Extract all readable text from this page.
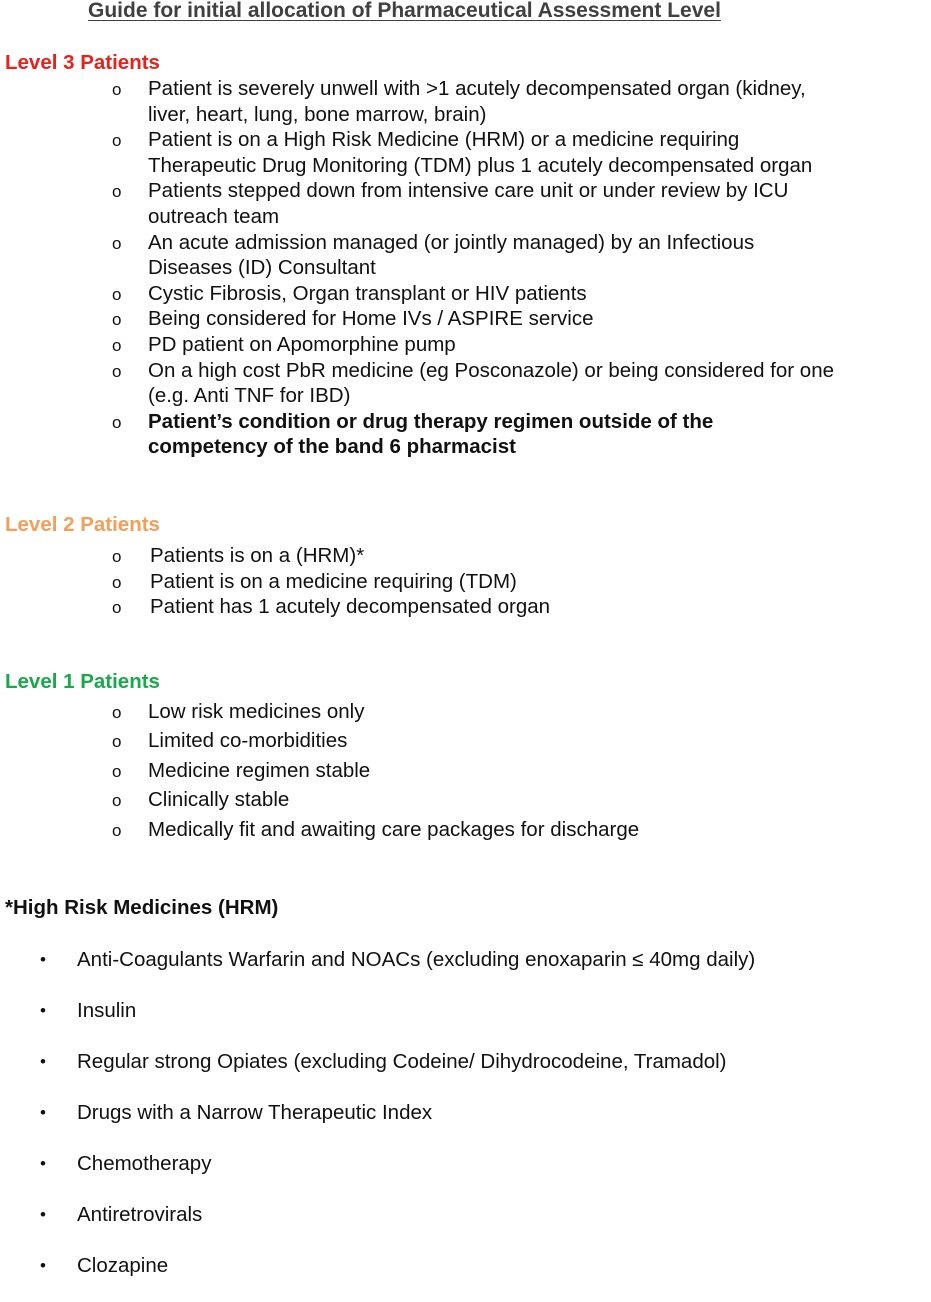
Guide for initial allocation of Pharmaceutical Assessment Level
Level 3 Patients
o Patient is severely unwell with >1 acutely decompensated organ (kidney, liver, heart, lung, bone marrow, brain)
o Patient is on a High Risk Medicine (HRM) or a medicine requiring Therapeutic Drug Monitoring (TDM) plus 1 acutely decompensated organ
o Patients stepped down from intensive care unit or under review by ICU outreach team
o An acute admission managed (or jointly managed) by an Infectious Diseases (ID) Consultant
o Cystic Fibrosis, Organ transplant or HIV patients
o Being considered for Home IVs / ASPIRE service
o PD patient on Apomorphine pump
o On a high cost PbR medicine (eg Posconazole) or being considered for one (e.g. Anti TNF for IBD)
o Patient’s condition or drug therapy regimen outside of the competency of the band 6 pharmacist
Level 2 Patients
o Patients is on a (HRM)*
o Patient is on a medicine requiring (TDM)
o Patient has 1 acutely decompensated organ
Level 1 Patients
o Low risk medicines only
o Limited co-morbidities
o Medicine regimen stable
o Clinically stable
o Medically fit and awaiting care packages for discharge
*High Risk Medicines (HRM)
• Anti-Coagulants Warfarin and NOACs (excluding enoxaparin ≤ 40mg daily)
• Insulin
• Regular strong Opiates (excluding Codeine/ Dihydrocodeine, Tramadol)
• Drugs with a Narrow Therapeutic Index
• Chemotherapy
• Antiretrovirals
• Clozapine
